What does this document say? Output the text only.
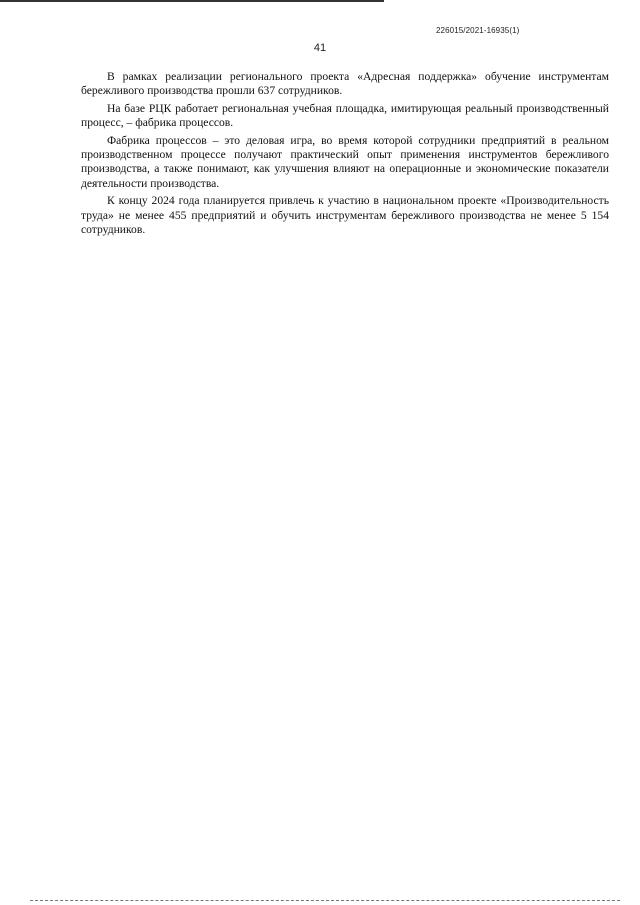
226015/2021-16935(1)
41

В рамках реализации регионального проекта «Адресная поддержка» обучение инструментам бережливого производства прошли 637 сотрудников.

На базе РЦК работает региональная учебная площадка, имитирующая реальный производственный процесс, – фабрика процессов.

Фабрика процессов – это деловая игра, во время которой сотрудники предприятий в реальном производственном процессе получают практический опыт применения инструментов бережливого производства, а также понимают, как улучшения влияют на операционные и экономические показатели деятельности производства.

К концу 2024 года планируется привлечь к участию в национальном проекте «Производительность труда» не менее 455 предприятий и обучить инструментам бережливого производства не менее 5 154 сотрудников.
